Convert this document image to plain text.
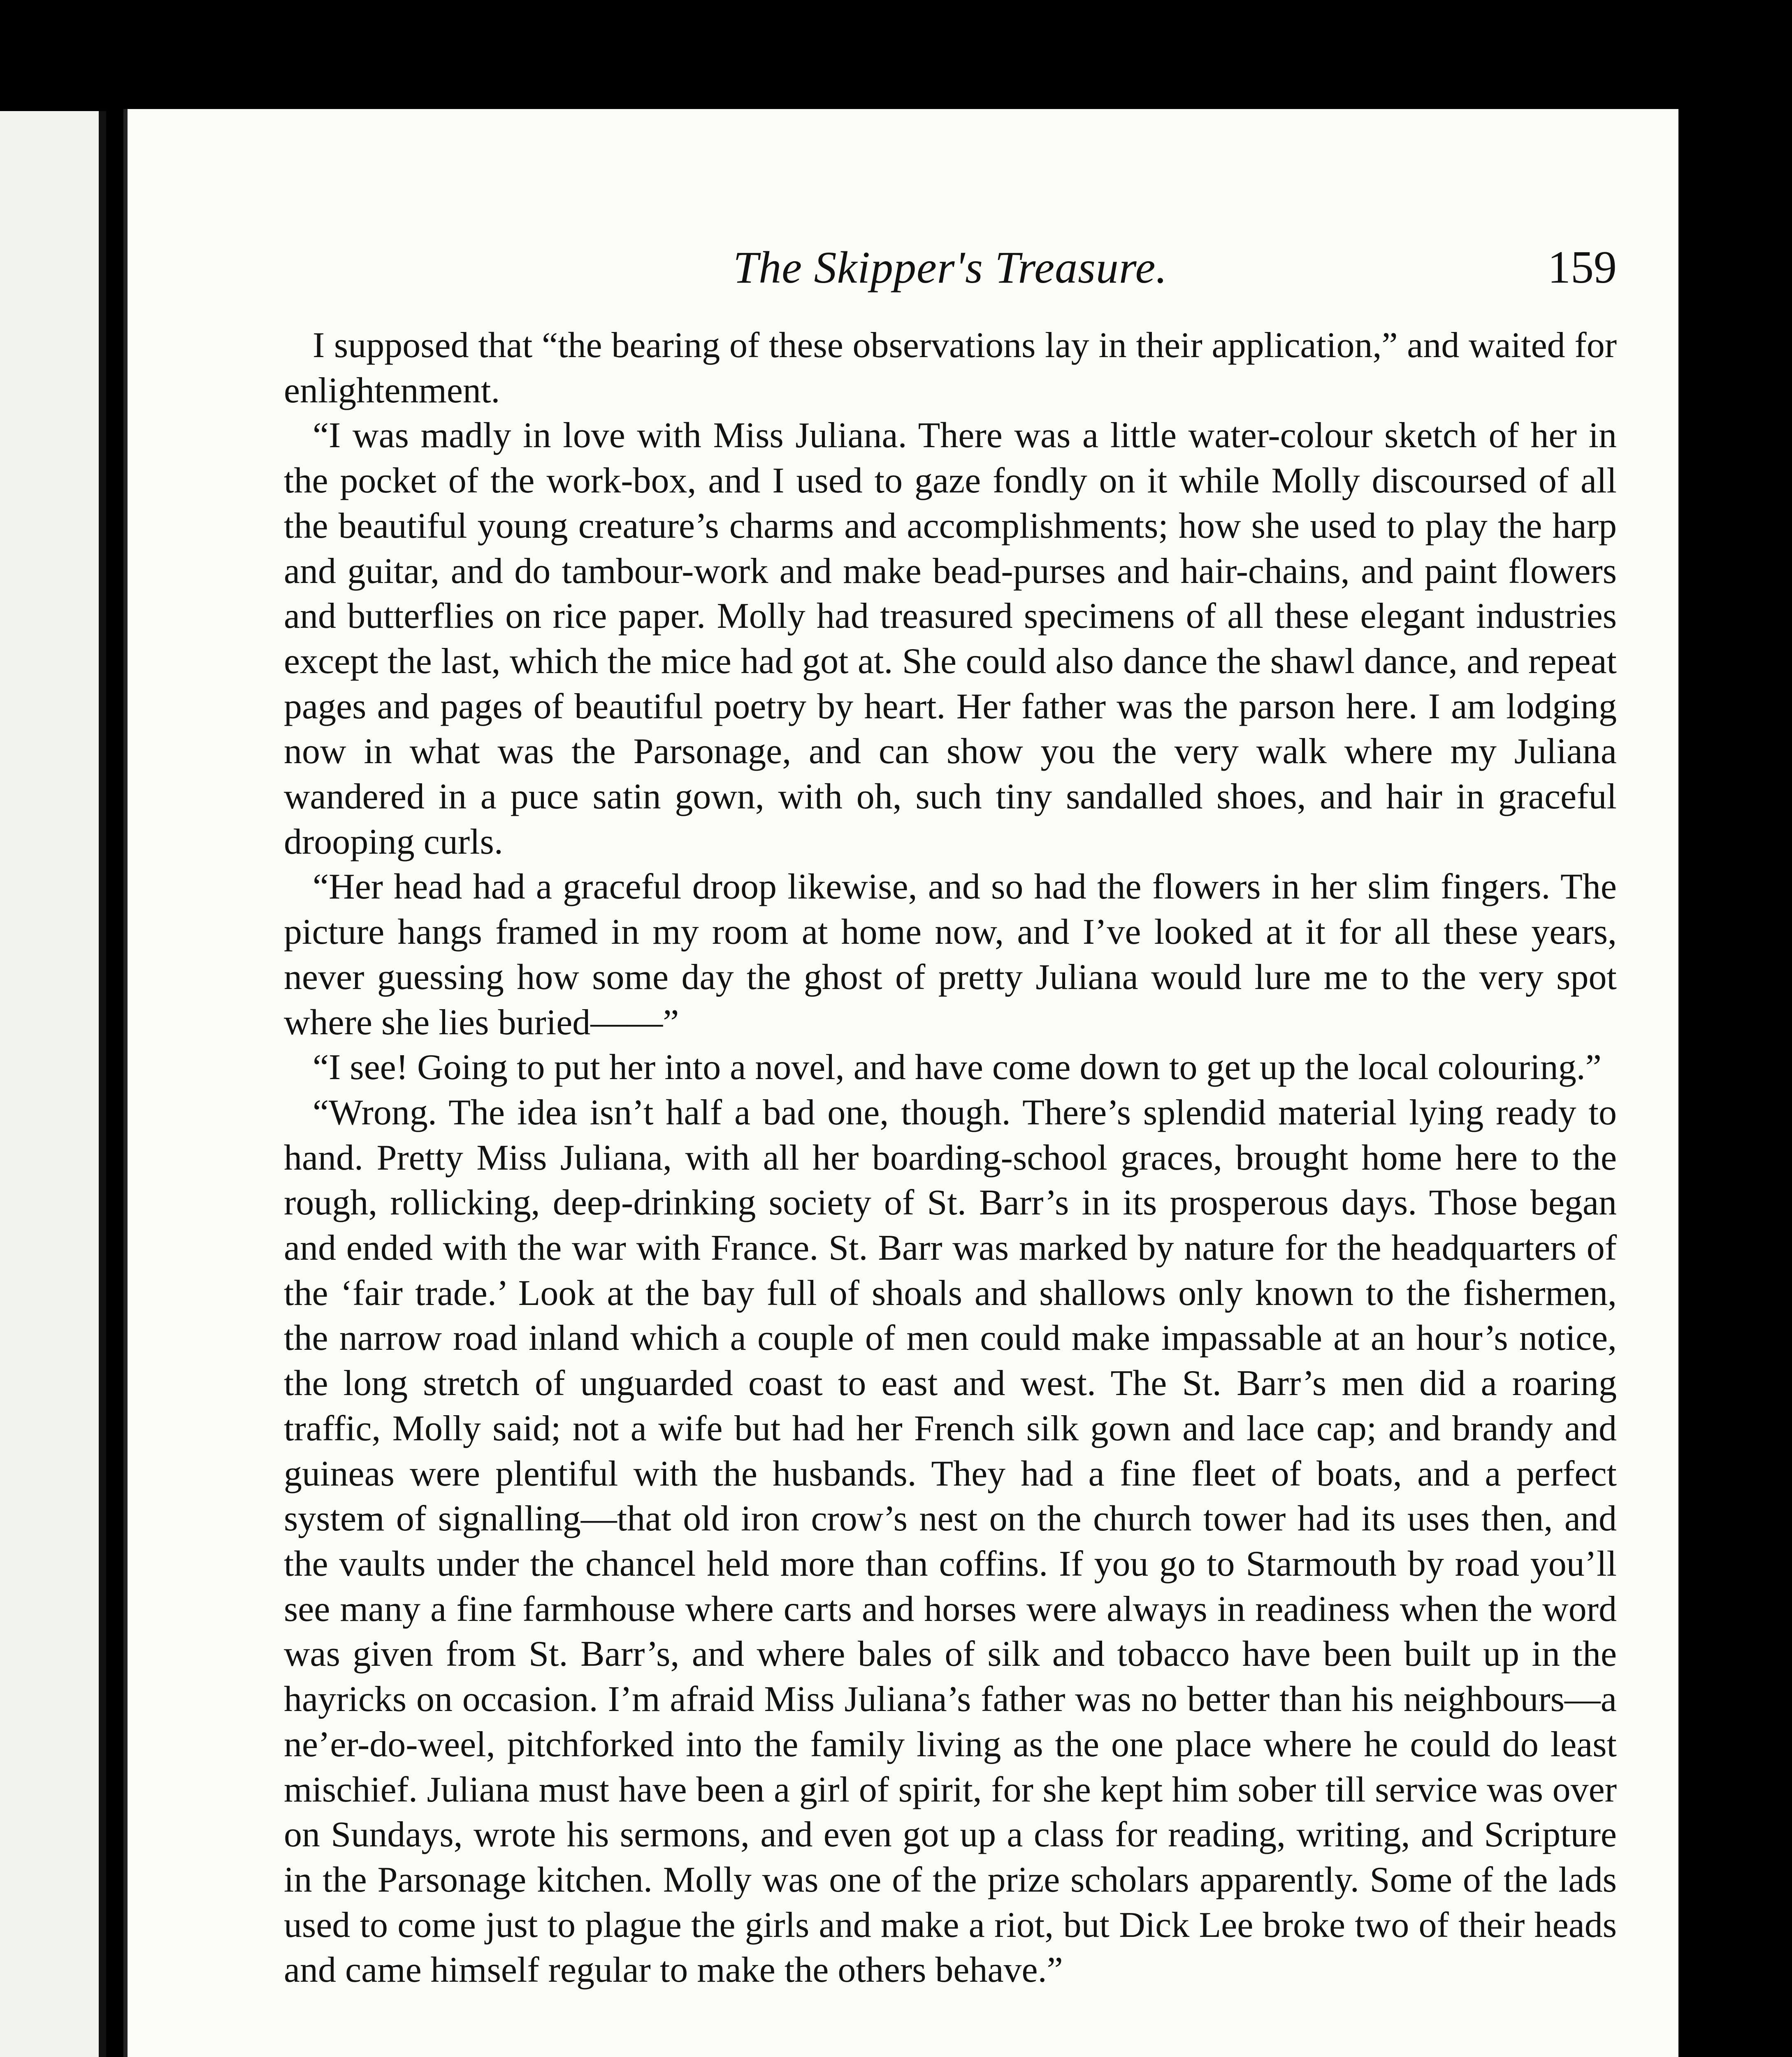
The Skipper's Treasure.	159

I supposed that “the bearing of these observations lay in their application,” and waited for enlightenment.

“I was madly in love with Miss Juliana. There was a little water-colour sketch of her in the pocket of the work-box, and I used to gaze fondly on it while Molly discoursed of all the beautiful young creature’s charms and accomplishments; how she used to play the harp and guitar, and do tambour-work and make bead-purses and hair-chains, and paint flowers and butterflies on rice paper. Molly had treasured specimens of all these elegant industries except the last, which the mice had got at. She could also dance the shawl dance, and repeat pages and pages of beautiful poetry by heart. Her father was the parson here. I am lodging now in what was the Parsonage, and can show you the very walk where my Juliana wandered in a puce satin gown, with oh, such tiny sandalled shoes, and hair in graceful drooping curls.

“Her head had a graceful droop likewise, and so had the flowers in her slim fingers. The picture hangs framed in my room at home now, and I’ve looked at it for all these years, never guessing how some day the ghost of pretty Juliana would lure me to the very spot where she lies buried——”

“I see! Going to put her into a novel, and have come down to get up the local colouring.”

“Wrong. The idea isn’t half a bad one, though. There’s splendid material lying ready to hand. Pretty Miss Juliana, with all her boarding-school graces, brought home here to the rough, rollicking, deep-drinking society of St. Barr’s in its prosperous days. Those began and ended with the war with France. St. Barr was marked by nature for the headquarters of the ‘fair trade.’ Look at the bay full of shoals and shallows only known to the fishermen, the narrow road inland which a couple of men could make impassable at an hour’s notice, the long stretch of unguarded coast to east and west. The St. Barr’s men did a roaring traffic, Molly said; not a wife but had her French silk gown and lace cap; and brandy and guineas were plentiful with the husbands. They had a fine fleet of boats, and a perfect system of signalling—that old iron crow’s nest on the church tower had its uses then, and the vaults under the chancel held more than coffins. If you go to Starmouth by road you’ll see many a fine farmhouse where carts and horses were always in readiness when the word was given from St. Barr’s, and where bales of silk and tobacco have been built up in the hayricks on occasion. I’m afraid Miss Juliana’s father was no better than his neighbours—a ne’er-do-weel, pitchforked into the family living as the one place where he could do least mischief. Juliana must have been a girl of spirit, for she kept him sober till service was over on Sundays, wrote his sermons, and even got up a class for reading, writing, and Scripture in the Parsonage kitchen. Molly was one of the prize scholars apparently. Some of the lads used to come just to plague the girls and make a riot, but Dick Lee broke two of their heads and came himself regular to make the others behave.”
